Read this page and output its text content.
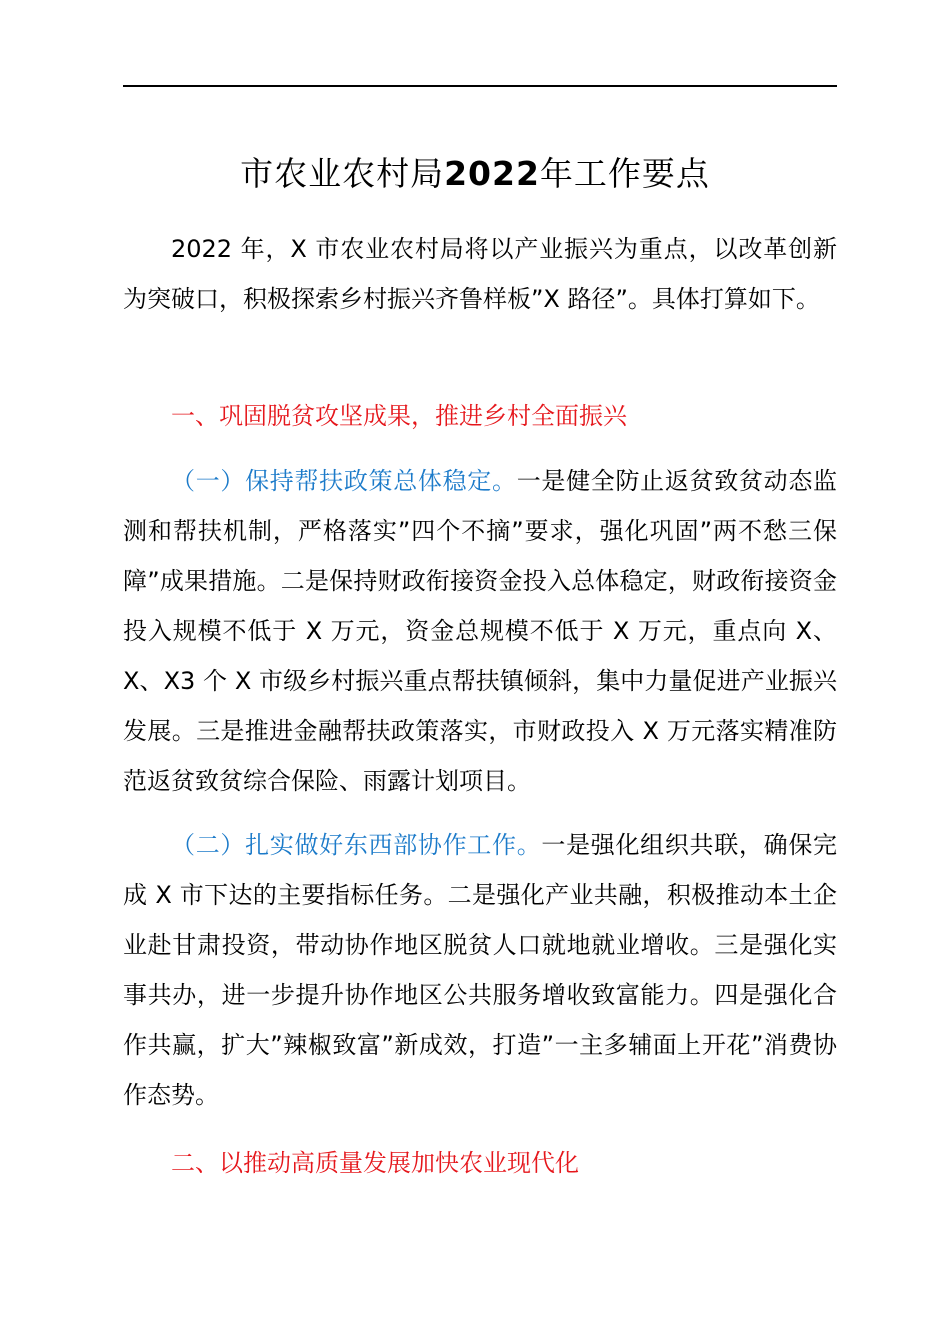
市农业农村局2022年工作要点

2022 年，X 市农业农村局将以产业振兴为重点，以改革创新为突破口，积极探索乡村振兴齐鲁样板”X 路径”。具体打算如下。

一、巩固脱贫攻坚成果，推进乡村全面振兴

（一）保持帮扶政策总体稳定。一是健全防止返贫致贫动态监测和帮扶机制，严格落实”四个不摘”要求，强化巩固”两不愁三保障”成果措施。二是保持财政衔接资金投入总体稳定，财政衔接资金投入规模不低于 X 万元，资金总规模不低于 X 万元，重点向 X、X、X3 个 X 市级乡村振兴重点帮扶镇倾斜，集中力量促进产业振兴发展。三是推进金融帮扶政策落实，市财政投入 X 万元落实精准防范返贫致贫综合保险、雨露计划项目。

（二）扎实做好东西部协作工作。一是强化组织共联，确保完成 X 市下达的主要指标任务。二是强化产业共融，积极推动本土企业赴甘肃投资，带动协作地区脱贫人口就地就业增收。三是强化实事共办，进一步提升协作地区公共服务增收致富能力。四是强化合作共赢，扩大”辣椒致富”新成效，打造”一主多辅面上开花”消费协作态势。

二、以推动高质量发展加快农业现代化
